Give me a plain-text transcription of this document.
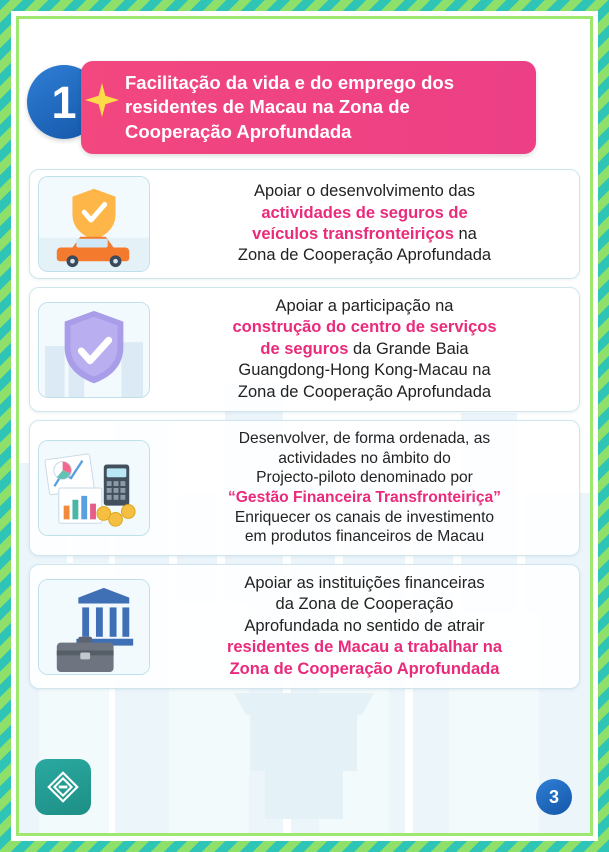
1	Facilitação da vida e do emprego dos residentes de Macau na Zona de Cooperação Aprofundada
Apoiar o desenvolvimento das
actividades de seguros de
veículos transfronteiriços na
Zona de Cooperação Aprofundada
Apoiar a participação na
construção do centro de serviços
de seguros da Grande Baia
Guangdong-Hong Kong-Macau na
Zona de Cooperação Aprofundada
Desenvolver, de forma ordenada, as
actividades no âmbito do
Projecto-piloto denominado por
“Gestão Financeira Transfronteiriça”
Enriquecer os canais de investimento
em produtos financeiros de Macau
Apoiar as instituições financeiras
da Zona de Cooperação
Aprofundada no sentido de atrair
residentes de Macau a trabalhar na
Zona de Cooperação Aprofundada
3
